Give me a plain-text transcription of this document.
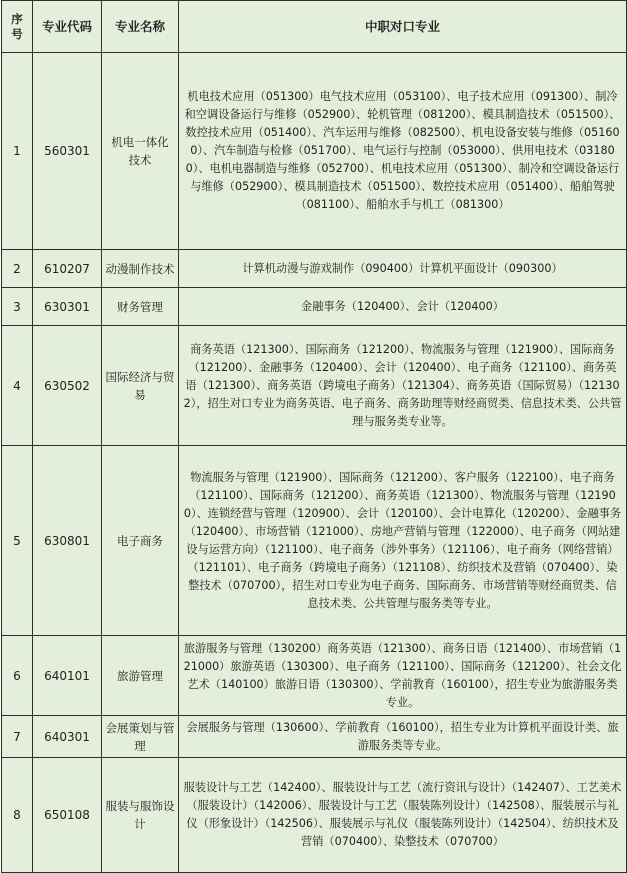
序号	专业代码	专业名称	中职对口专业
1	560301	机电一体化技术	机电技术应用（051300）电气技术应用（053100）、电子技术应用（091300）、制冷和空调设备运行与维修（052900）、轮机管理（081200）、模具制造技术（051500）、数控技术应用（051400）、汽车运用与维修（082500）、机电设备安装与维修（051600）、汽车制造与检修（051700）、电气运行与控制（053000）、供用电技术（031800）、电机电器制造与维修（052700）、机电技术应用（051300）、制冷和空调设备运行与维修（052900）、模具制造技术（051500）、数控技术应用（051400）、船舶驾驶（081100）、船舶水手与机工（081300）
2	610207	动漫制作技术	计算机动漫与游戏制作（090400）计算机平面设计（090300）
3	630301	财务管理	金融事务（120400）、会计（120400）
4	630502	国际经济与贸易	商务英语（121300）、国际商务（121200）、物流服务与管理（121900）、国际商务（121200）、金融事务（120400）、会计（120400）、电子商务（121100）、商务英语（121300）、商务英语（跨境电子商务）（121304）、商务英语（国际贸易）（121302），招生对口专业为商务英语、电子商务、商务助理等财经商贸类、信息技术类、公共管理与服务类专业等。
5	630801	电子商务	物流服务与管理（121900）、国际商务（121200）、客户服务（122100）、电子商务（121100）、国际商务（121200）、商务英语（121300）、物流服务与管理（121900）、连锁经营与管理（120900）、会计（120100）、会计电算化（120200）、金融事务（120400）、市场营销（121000）、房地产营销与管理（122000）、电子商务（网站建设与运营方向）（121100）、电子商务（涉外事务）（121106）、电子商务（网络营销）（121101）、电子商务（跨境电子商务）（121108）、纺织技术及营销（070400）、染整技术（070700），招生对口专业为电子商务、国际商务、市场营销等财经商贸类、信息技术类、公共管理与服务类等专业。
6	640101	旅游管理	旅游服务与管理（130200）商务英语（121300）、商务日语（121400）、市场营销（121000）旅游英语（130300）、电子商务（121100）、国际商务（121200）、社会文化艺术（140100）旅游日语（130300）、学前教育（160100），招生专业为旅游服务类专业。
7	640301	会展策划与管理	会展服务与管理（130600）、学前教育（160100），招生专业为计算机平面设计类、旅游服务类等专业。
8	650108	服装与服饰设计	服装设计与工艺（142400）、服装设计与工艺（流行资讯与设计）（142407）、工艺美术（服装设计）（142006）、服装设计与工艺（服装陈列设计）（142508）、服装展示与礼仪（形象设计）（142506）、服装展示与礼仪（服装陈列设计）（142504）、纺织技术及营销（070400）、染整技术（070700）
